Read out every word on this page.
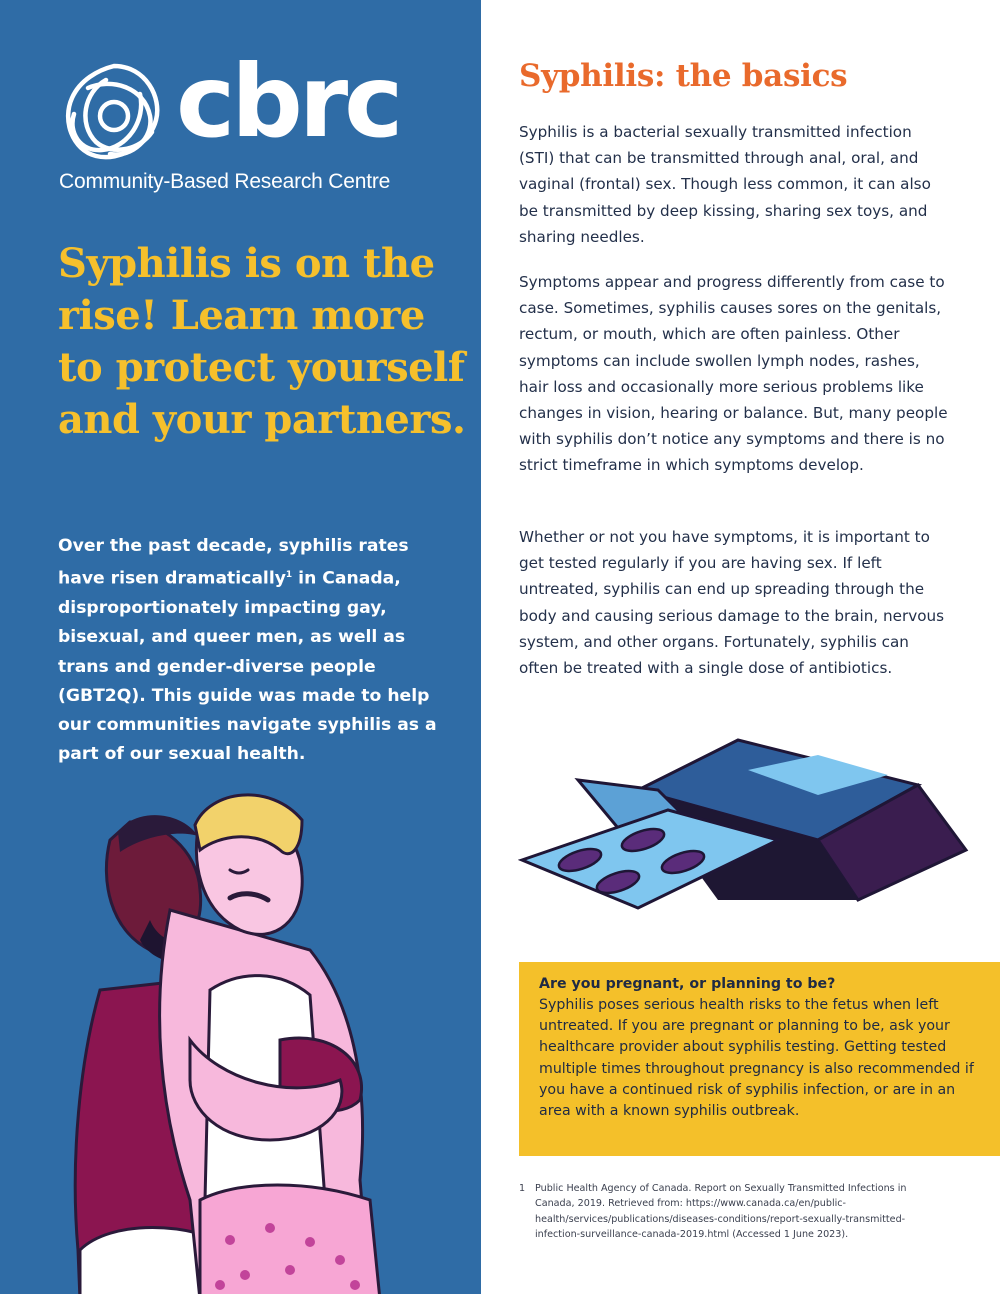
cbrc
Community-Based Research Centre
Syphilis is on the rise! Learn more to protect yourself and your partners.
Over the past decade, syphilis rates have risen dramatically$^1$ in Canada, disproportionately impacting gay, bisexual, and queer men, as well as trans and gender-diverse people (GBT2Q). This guide was made to help our communities navigate syphilis as a part of our sexual health.
Syphilis: the basics
Syphilis is a bacterial sexually transmitted infection (STI) that can be transmitted through anal, oral, and vaginal (frontal) sex. Though less common, it can also be transmitted by deep kissing, sharing sex toys, and sharing needles.
Symptoms appear and progress differently from case to case. Sometimes, syphilis causes sores on the genitals, rectum, or mouth, which are often painless. Other symptoms can include swollen lymph nodes, rashes, hair loss and occasionally more serious problems like changes in vision, hearing or balance. But, many people with syphilis don’t notice any symptoms and there is no strict timeframe in which symptoms develop.
Whether or not you have symptoms, it is important to get tested regularly if you are having sex. If left untreated, syphilis can end up spreading through the body and causing serious damage to the brain, nervous system, and other organs. Fortunately, syphilis can often be treated with a single dose of antibiotics.
Are you pregnant, or planning to be?
Syphilis poses serious health risks to the fetus when left untreated. If you are pregnant or planning to be, ask your healthcare provider about syphilis testing. Getting tested multiple times throughout pregnancy is also recommended if you have a continued risk of syphilis infection, or are in an area with a known syphilis outbreak.
1 Public Health Agency of Canada. Report on Sexually Transmitted Infections in Canada, 2019. Retrieved from: https://www.canada.ca/en/public-health/services/publications/diseases-conditions/report-sexually-transmitted-infection-surveillance-canada-2019.html (Accessed 1 June 2023).
